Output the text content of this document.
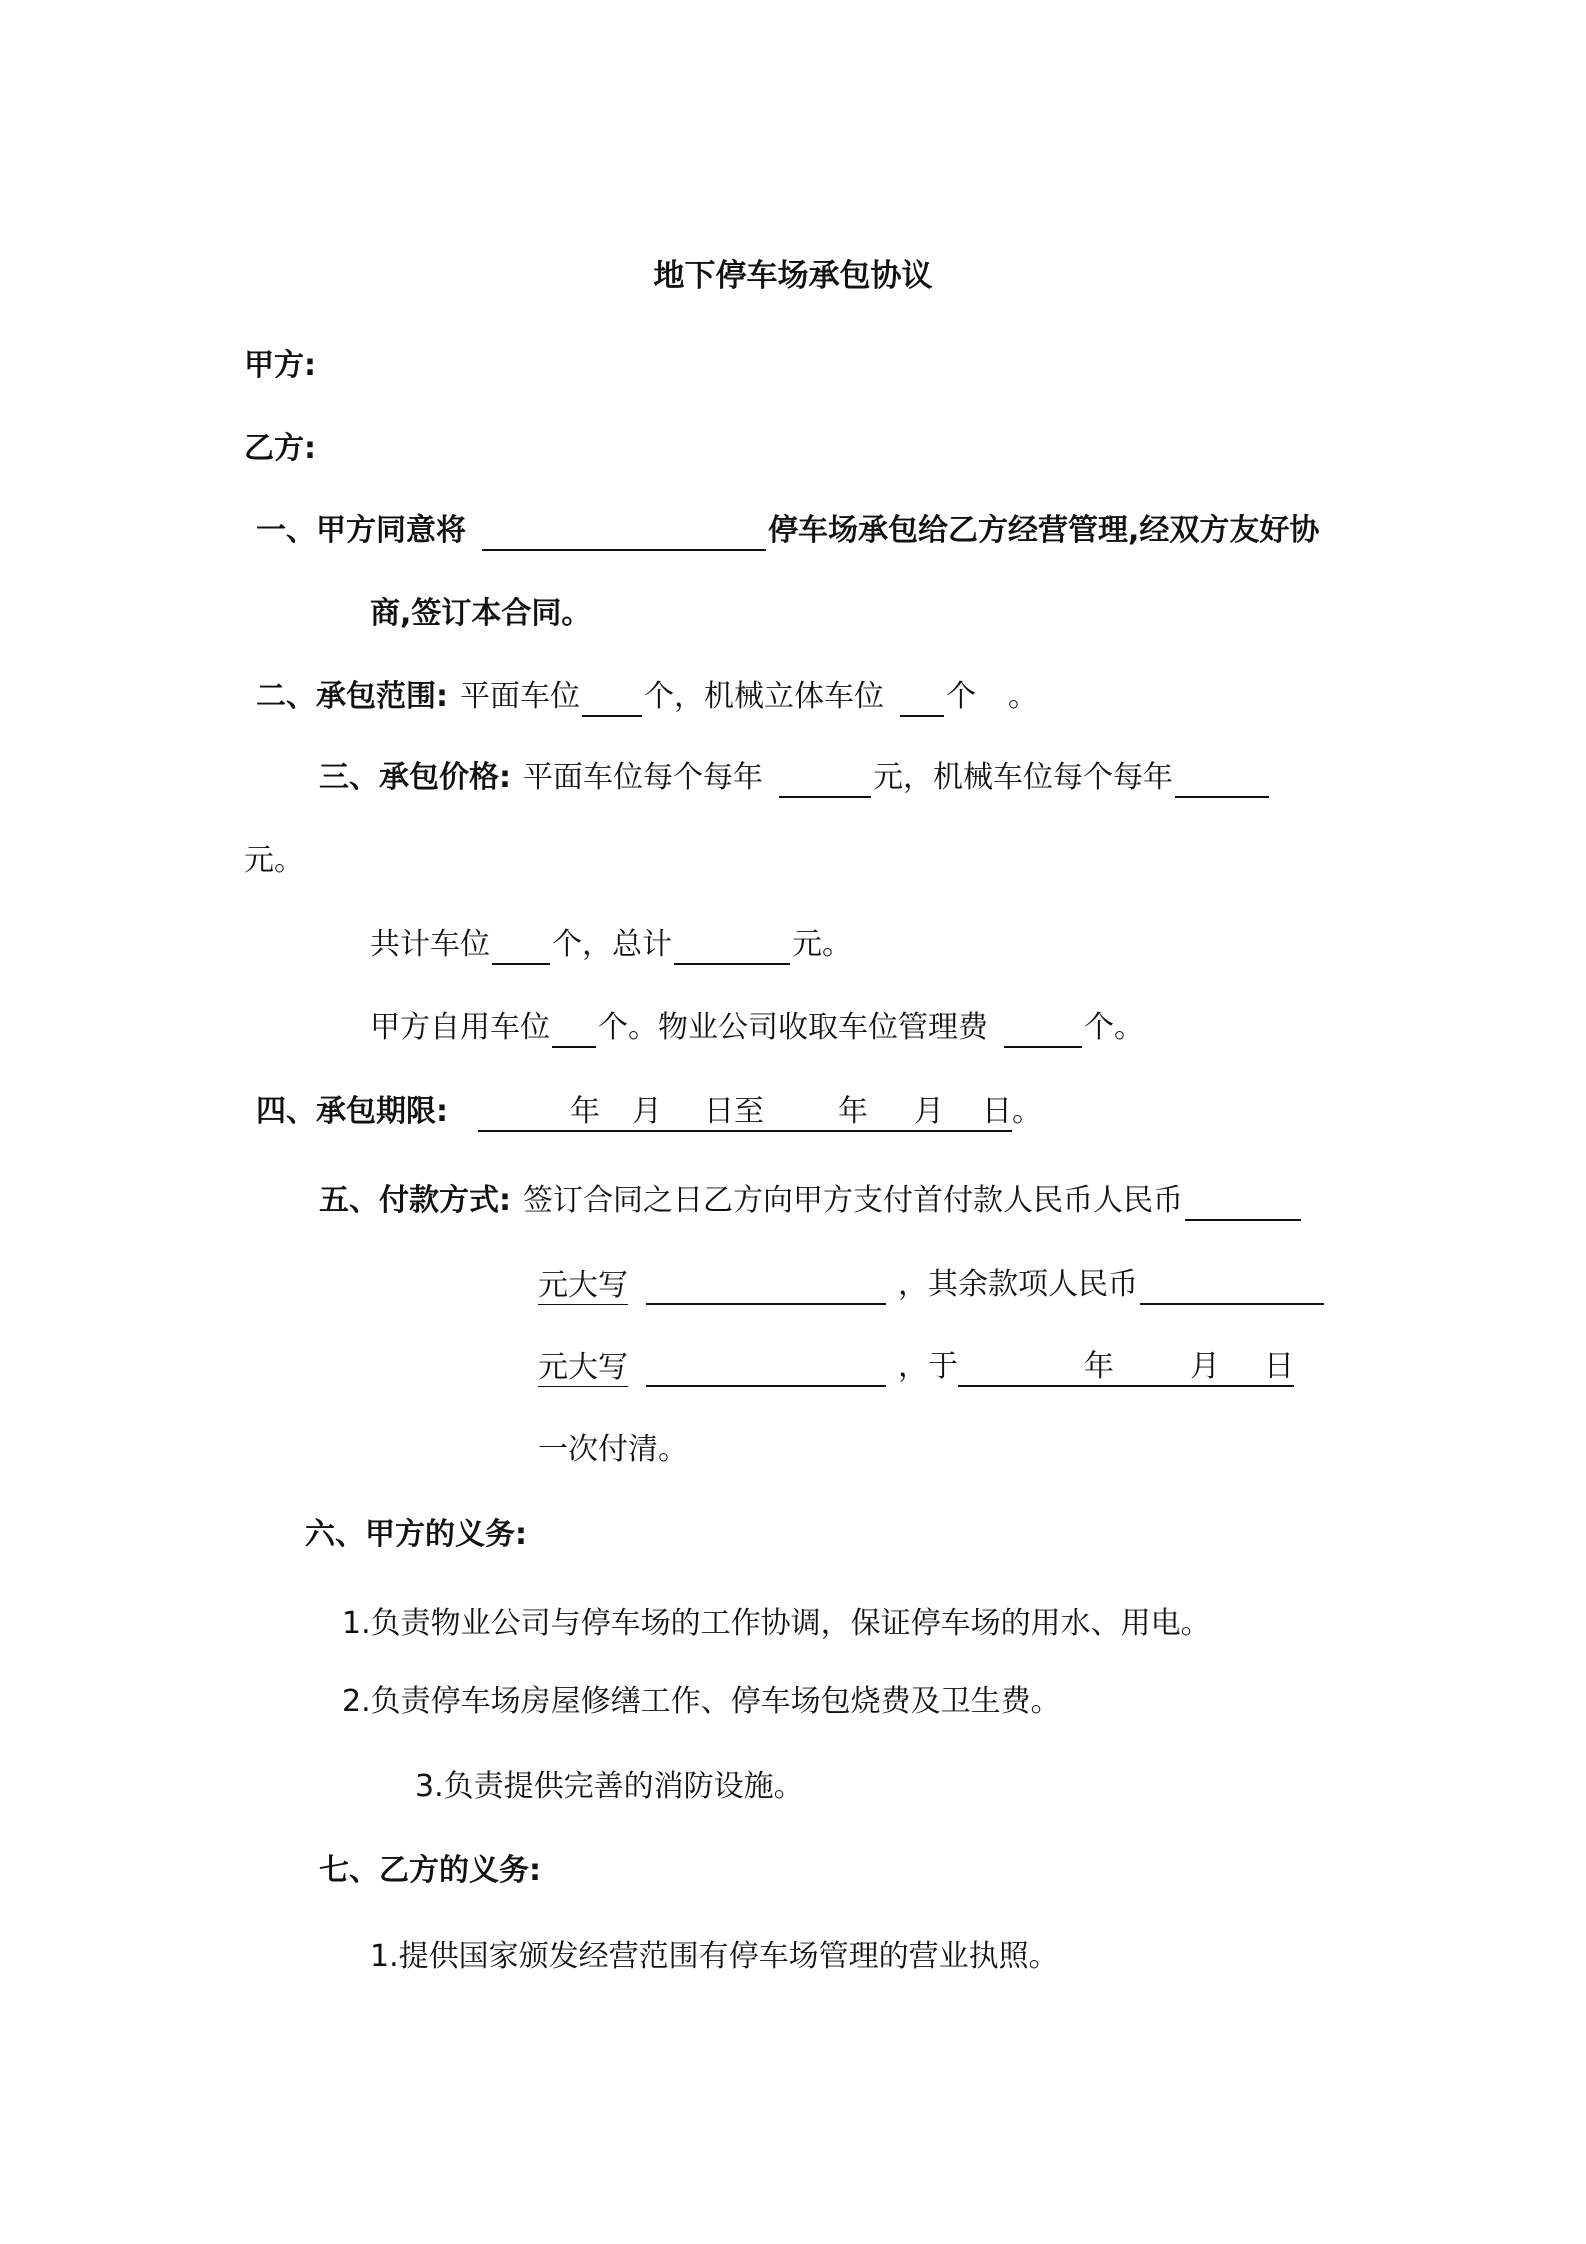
地下停车场承包协议
甲方:
乙方:
一、甲方同意将	停车场承包给乙方经营管理,经双方友好协
商,签订本合同。
二、承包范围: 平面车位 个，机械立体车位 个 。
三、承包价格: 平面车位每个每年	元，机械车位每个每年
元。
共计车位 个，总计	元。
甲方自用车位 个。物业公司收取车位管理费	个。
四、承包期限:	年 月 日至 年 月 日。
五、付款方式: 签订合同之日乙方向甲方支付首付款人民币人民币
元大写	，其余款项人民币
元大写	，于	年	月 日
一次付清。
六、甲方的义务:
1.负责物业公司与停车场的工作协调，保证停车场的用水、用电。
2.负责停车场房屋修缮工作、停车场包烧费及卫生费。
3.负责提供完善的消防设施。
七、乙方的义务:
1.提供国家颁发经营范围有停车场管理的营业执照。
